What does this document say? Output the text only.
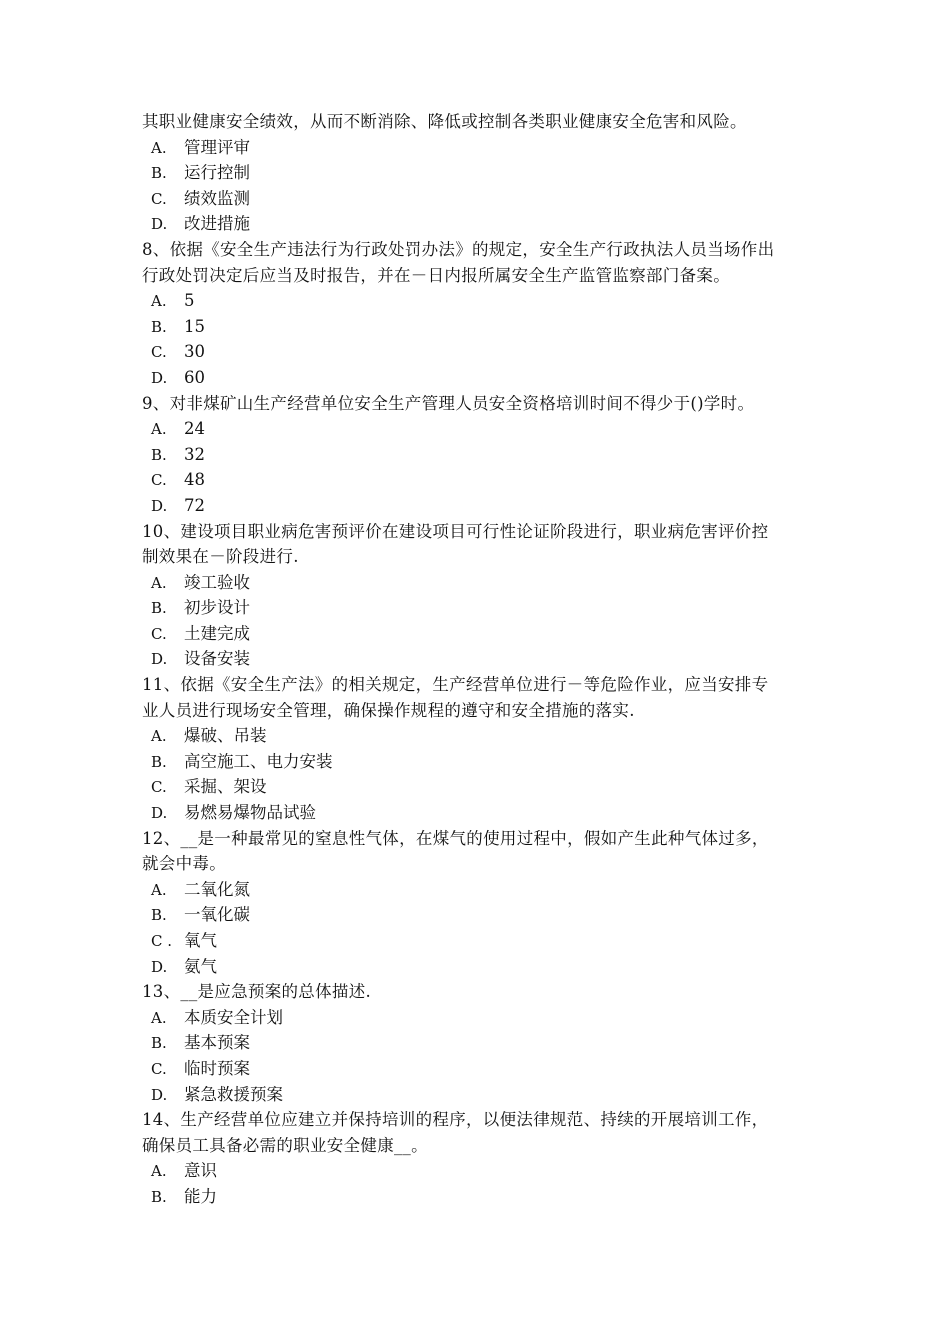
其职业健康安全绩效，从而不断消除、降低或控制各类职业健康安全危害和风险。
A. 管理评审
B. 运行控制
C. 绩效监测
D. 改进措施
8、依据《安全生产违法行为行政处罚办法》的规定，安全生产行政执法人员当场作出
行政处罚决定后应当及时报告，并在－日内报所属安全生产监管监察部门备案。
A. 5
B. 15
C. 30
D. 60
9、对非煤矿山生产经营单位安全生产管理人员安全资格培训时间不得少于()学时。
A. 24
B. 32
C. 48
D. 72
10、建设项目职业病危害预评价在建设项目可行性论证阶段进行，职业病危害评价控
制效果在－阶段进行.
A. 竣工验收
B. 初步设计
C. 土建完成
D. 设备安装
11、依据《安全生产法》的相关规定，生产经营单位进行－等危险作业，应当安排专
业人员进行现场安全管理，确保操作规程的遵守和安全措施的落实.
A. 爆破、吊装
B. 高空施工、电力安装
C. 采掘、架设
D. 易燃易爆物品试验
12、__是一种最常见的窒息性气体，在煤气的使用过程中，假如产生此种气体过多，
就会中毒。
A. 二氧化氮
B. 一氧化碳
C . 氧气
D. 氨气
13、__是应急预案的总体描述.
A. 本质安全计划
B. 基本预案
C. 临时预案
D. 紧急救援预案
14、生产经营单位应建立并保持培训的程序，以便法律规范、持续的开展培训工作，
确保员工具备必需的职业安全健康__。
A. 意识
B. 能力
